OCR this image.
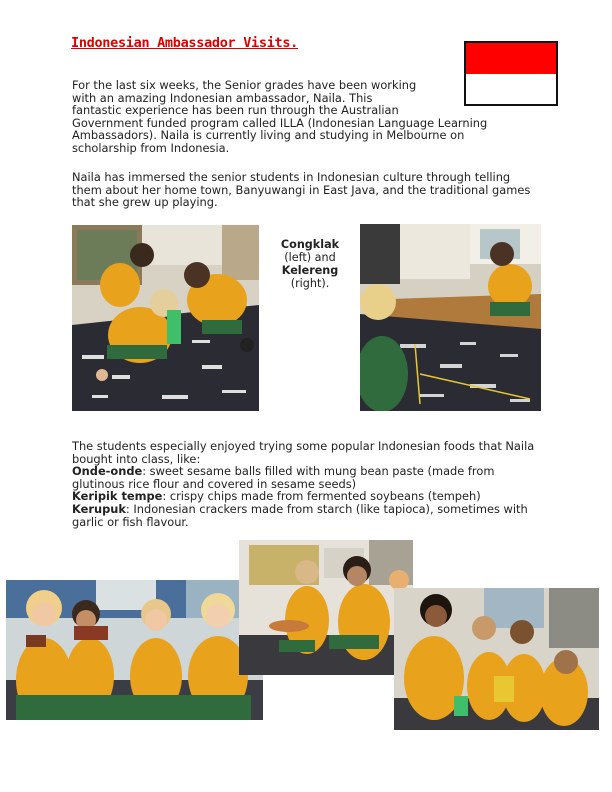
Indonesian Ambassador Visits.

For the last six weeks, the Senior grades have been working
with an amazing Indonesian ambassador, Naila. This
fantastic experience has been run through the Australian
Government funded program called ILLA (Indonesian Language Learning Ambassadors). Naila is currently living and studying in Melbourne on scholarship from Indonesia.

Naila has immersed the senior students in Indonesian culture through telling them about her home town, Banyuwangi in East Java, and the traditional games that she grew up playing.

Congklak
(left) and
Kelereng
(right).
The students especially enjoyed trying some popular Indonesian foods that Naila bought into class, like:
Onde-onde: sweet sesame balls filled with mung bean paste (made from glutinous rice flour and covered in sesame seeds)
Keripik tempe: crispy chips made from fermented soybeans (tempeh)
Kerupuk: Indonesian crackers made from starch (like tapioca), sometimes with garlic or fish flavour.
